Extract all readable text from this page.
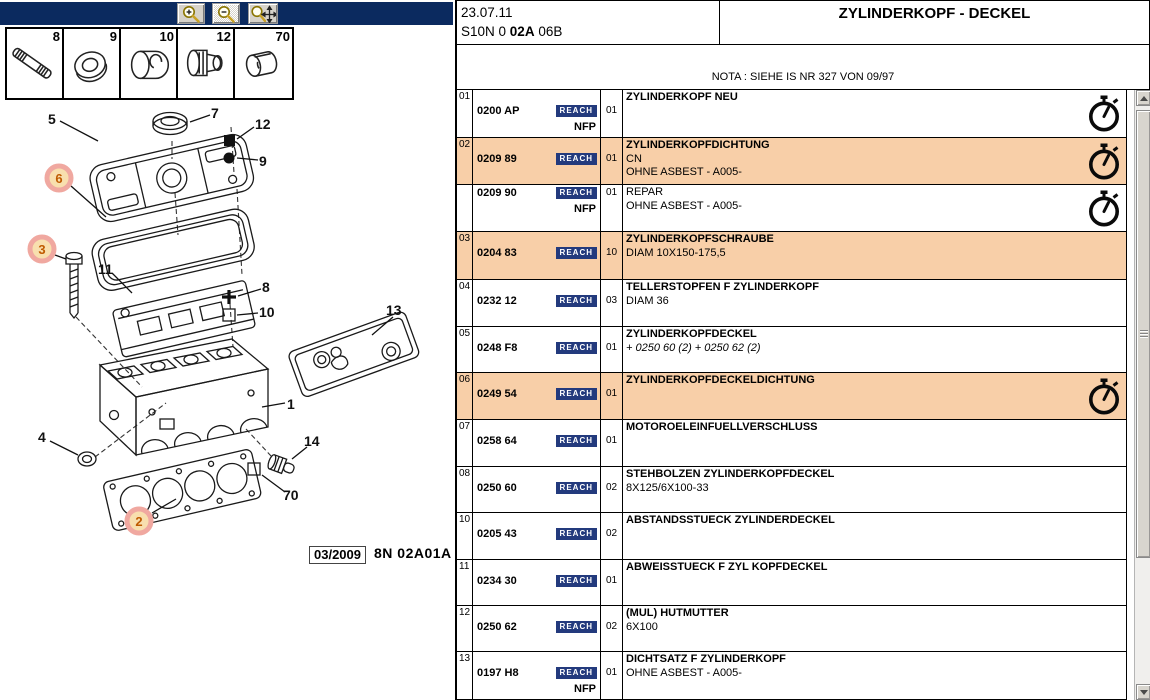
8	9	10	12	70
5	7
12
9
11
8
10	13
1
4	14
70
6
3
2
03/2009 8N 02A01A
23.07.11
S10N 0 02A 06B
ZYLINDERKOPF - DECKEL
NOTA : SIEHE IS NR 327 VON 09/97
01
0200 AP	REACH
NFP
01
ZYLINDERKOPF NEU
02
0209 89	REACH	01
ZYLINDERKOPFDICHTUNG
CN
OHNE ASBEST - A005-
0209 90	REACH
NFP
01 REPAR
OHNE ASBEST - A005-
03
0204 83	REACH	10
ZYLINDERKOPFSCHRAUBE
DIAM 10X150-175,5
04
0232 12	REACH	03
TELLERSTOPFEN F ZYLINDERKOPF
DIAM 36
05
0248 F8	REACH	01
ZYLINDERKOPFDECKEL
+ 0250 60 (2) + 0250 62 (2)
06
0249 54	REACH	01
ZYLINDERKOPFDECKELDICHTUNG
07
0258 64	REACH	01
MOTOROELEINFUELLVERSCHLUSS
08
0250 60	REACH	02
STEHBOLZEN ZYLINDERKOPFDECKEL
8X125/6X100-33
10
0205 43	REACH	02
ABSTANDSSTUECK ZYLINDERDECKEL
11
0234 30	REACH	01
ABWEISSTUECK F ZYL KOPFDECKEL
12
0250 62	REACH	02
(MUL) HUTMUTTER
6X100
13
0197 H8	REACH
NFP
01
DICHTSATZ F ZYLINDERKOPF
OHNE ASBEST - A005-
